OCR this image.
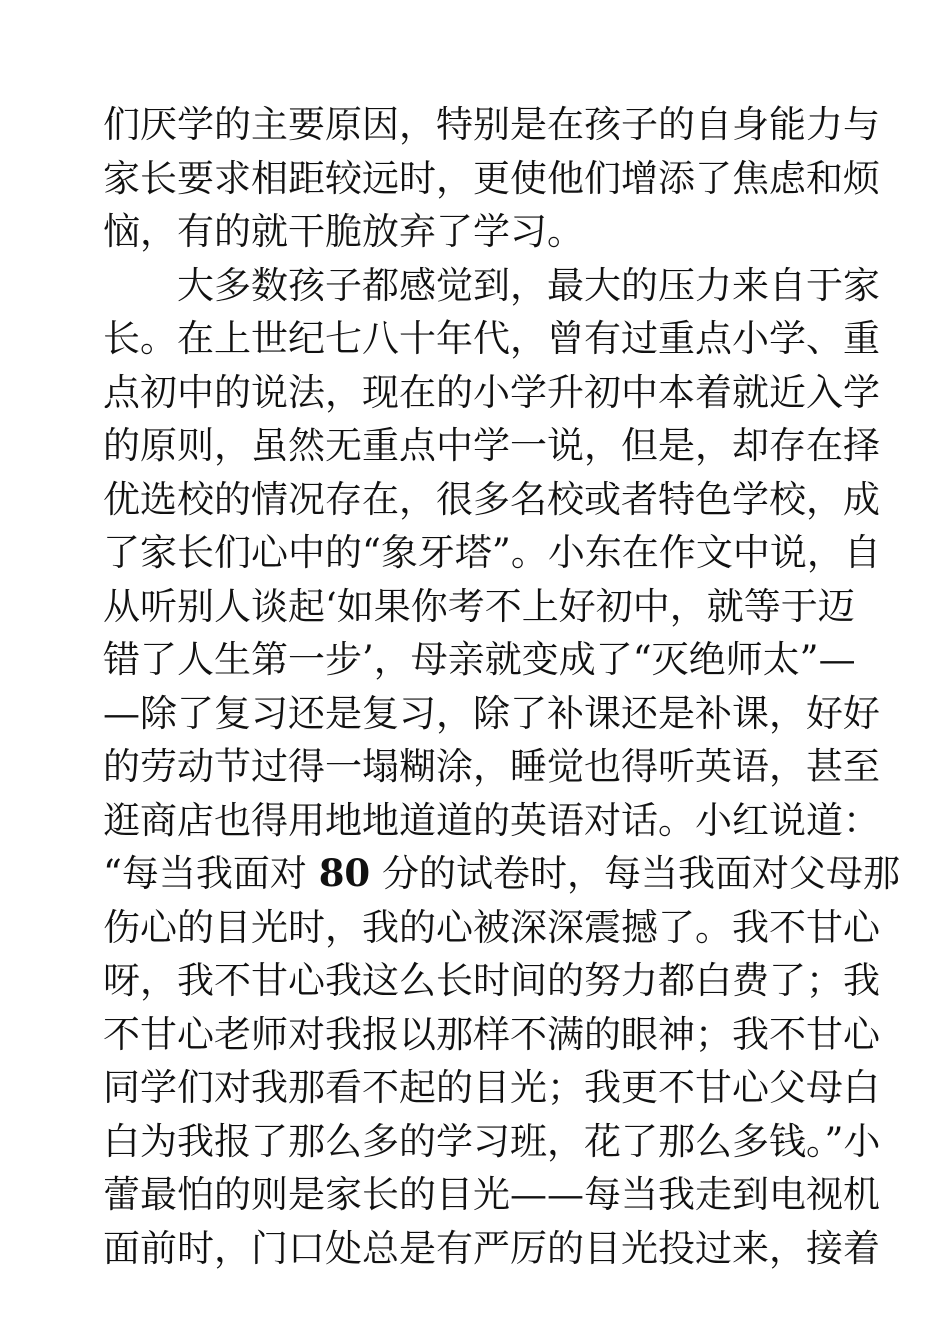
们厌学的主要原因，特别是在孩子的自身能力与
家长要求相距较远时，更使他们增添了焦虑和烦
恼，有的就干脆放弃了学习。
大多数孩子都感觉到，最大的压力来自于家
长。在上世纪七八十年代，曾有过重点小学、重
点初中的说法，现在的小学升初中本着就近入学
的原则，虽然无重点中学一说，但是，却存在择
优选校的情况存在，很多名校或者特色学校，成
了家长们心中的“象牙塔”。小东在作文中说，自
从听别人谈起‘如果你考不上好初中，就等于迈
错了人生第一步’，母亲就变成了“灭绝师太”—
—除了复习还是复习，除了补课还是补课，好好
的劳动节过得一塌糊涂，睡觉也得听英语，甚至
逛商店也得用地地道道的英语对话。小红说道：
“每当我面对 80 分的试卷时，每当我面对父母那
伤心的目光时，我的心被深深震撼了。我不甘心
呀，我不甘心我这么长时间的努力都白费了；我
不甘心老师对我报以那样不满的眼神；我不甘心
同学们对我那看不起的目光；我更不甘心父母白
白为我报了那么多的学习班，花了那么多钱。”小
蕾最怕的则是家长的目光——每当我走到电视机
面前时，门口处总是有严厉的目光投过来，接着
